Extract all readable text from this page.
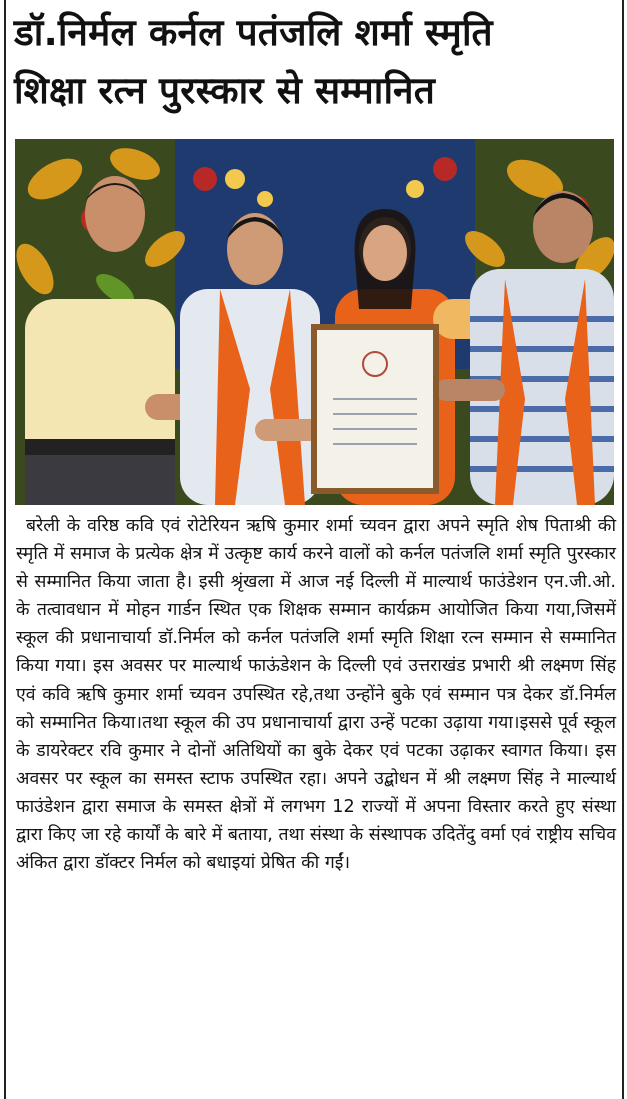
डॉ.निर्मल कर्नल पतंजलि शर्मा स्मृति
शिक्षा रत्न पुरस्कार से सम्मानित

बरेली के वरिष्ठ कवि एवं रोटेरियन ऋषि कुमार शर्मा च्यवन द्वारा अपने स्मृति शेष पिताश्री की स्मृति में समाज के प्रत्येक क्षेत्र में उत्कृष्ट कार्य करने वालों को कर्नल पतंजलि शर्मा स्मृति पुरस्कार से सम्मानित किया जाता है। इसी श्रृंखला में आज नई दिल्ली में माल्यार्थ फाउंडेशन एन.जी.ओ. के तत्वावधान में मोहन गार्डन स्थित एक शिक्षक सम्मान कार्यक्रम आयोजित किया गया,जिसमें स्कूल की प्रधानाचार्या डॉ.निर्मल को कर्नल पतंजलि शर्मा स्मृति शिक्षा रत्न सम्मान से सम्मानित किया गया। इस अवसर पर माल्यार्थ फाऊंडेशन के दिल्ली एवं उत्तराखंड प्रभारी श्री लक्ष्मण सिंह एवं कवि ऋषि कुमार शर्मा च्यवन उपस्थित रहे,तथा उन्होंने बुके एवं सम्मान पत्र देकर डॉ.निर्मल को सम्मानित किया।तथा स्कूल की उप प्रधानाचार्या द्वारा उन्हें पटका उढ़ाया गया।इससे पूर्व स्कूल के डायरेक्टर रवि कुमार ने दोनों अतिथियों का बुके देकर एवं पटका उढ़ाकर स्वागत किया। इस अवसर पर स्कूल का समस्त स्टाफ उपस्थित रहा। अपने उद्बोधन में श्री लक्ष्मण सिंह ने माल्यार्थ फाउंडेशन द्वारा समाज के समस्त क्षेत्रों में लगभग 12 राज्यों में अपना विस्तार करते हुए संस्था द्वारा किए जा रहे कार्यों के बारे में बताया, तथा संस्था के संस्थापक उदितेंदु वर्मा एवं राष्ट्रीय सचिव अंकित द्वारा डॉक्टर निर्मल को बधाइयां प्रेषित की गईं।
